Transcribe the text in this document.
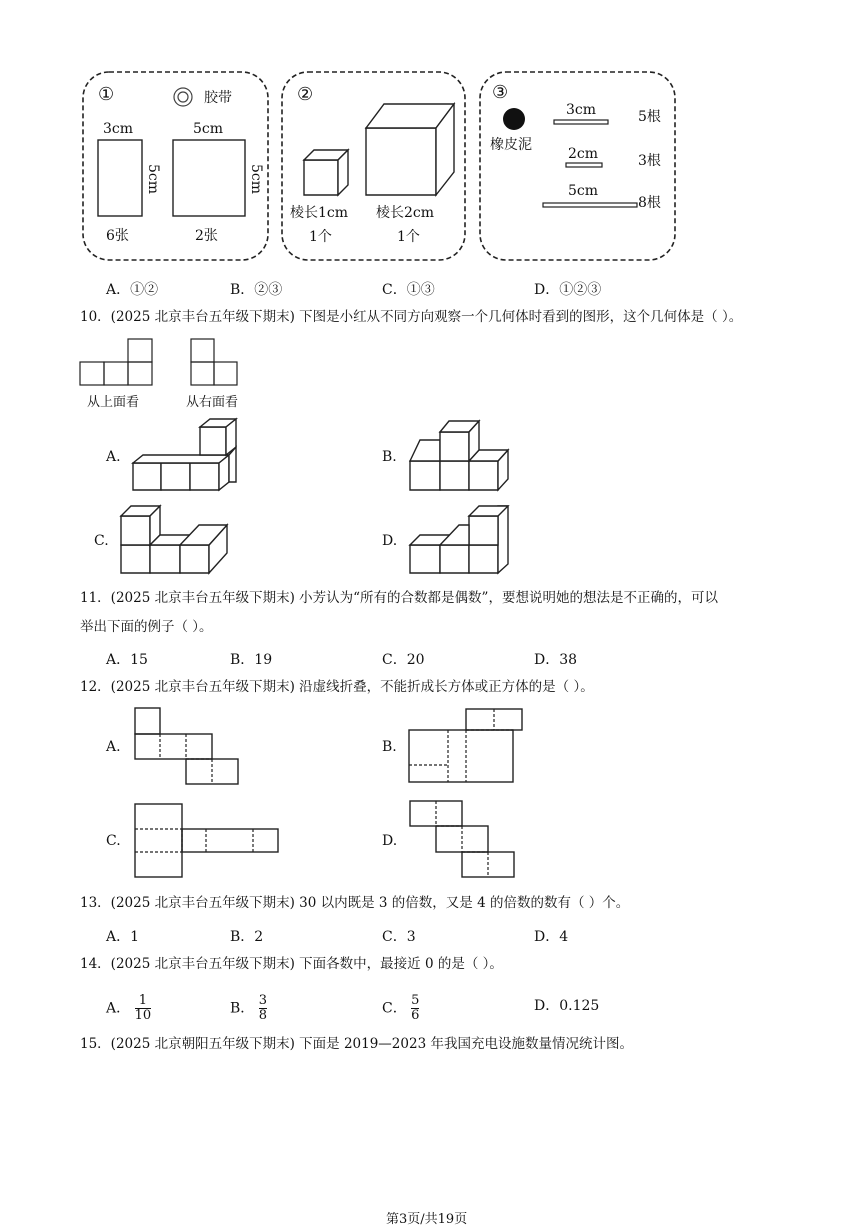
①	胶带
3cm
5cm
5cm
5cm
6张	2张
②
棱长1cm
1个
棱长2cm
1个
③
橡皮泥
3cm	5根
2cm	3根
5cm
8根
A．①②	B．②③	C．①③	D．①②③
10．(2025 北京丰台五年级下期末) 下图是小红从不同方向观察一个几何体时看到的图形，这个几何体是（ ）。
从上面看	从右面看
A.	B.
C.	D.
11．(2025 北京丰台五年级下期末) 小芳认为“所有的合数都是偶数”，要想说明她的想法是不正确的，可以
举出下面的例子（ ）。
A．15	B．19	C．20	D．38
12．(2025 北京丰台五年级下期末) 沿虚线折叠，不能折成长方体或正方体的是（ ）。
A.	B.
C.	D.
13．(2025 北京丰台五年级下期末) 30 以内既是 3 的倍数，又是 4 的倍数的数有（ ）个。
A．1	B．2	C．3	D．4
14．(2025 北京丰台五年级下期末) 下面各数中，最接近 0 的是（ ）。
A． $\frac{1}{10}$	B． $\frac{3}{8}$	C． $\frac{5}{6}$	D．0.125
15．(2025 北京朝阳五年级下期末) 下面是 2019—2023 年我国充电设施数量情况统计图。
第3页/共19页
